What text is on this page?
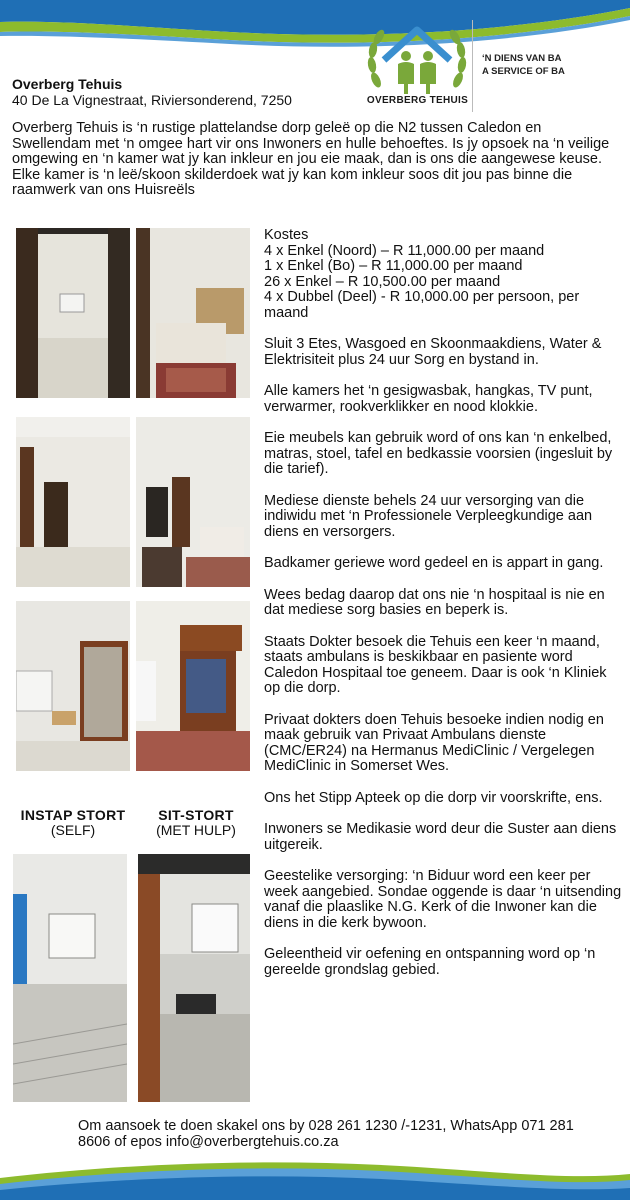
OVERBERG TEHUIS
‘N DIENS VAN BA
A SERVICE OF BA
Overberg Tehuis
40 De La Vignestraat, Riviersonderend, 7250
Overberg Tehuis is ‘n rustige plattelandse dorp geleë op die N2 tussen Caledon en Swellendam met ‘n omgee hart vir ons Inwoners en hulle behoeftes. Is jy opsoek na ‘n veilige omgewing en ‘n kamer wat jy kan inkleur en jou eie maak, dan is ons die aangewese keuse. Elke kamer is ‘n leë/skoon skilderdoek wat jy kan kom inkleur soos dit jou pas binne die raamwerk van ons Huisreëls
INSTAP STORT
(SELF)
SIT-STORT
(MET HULP)

Kostes
4 x Enkel (Noord) – R 11,000.00 per maand
1 x Enkel (Bo) – R 11,000.00 per maand
26 x Enkel – R 10,500.00 per maand
4 x Dubbel (Deel) - R 10,000.00 per persoon, per maand

Sluit 3 Etes, Wasgoed en Skoonmaakdiens, Water & Elektrisiteit plus 24 uur Sorg en bystand in.

Alle kamers het ‘n gesigwasbak, hangkas, TV punt, verwarmer, rookverklikker en nood klokkie.

Eie meubels kan gebruik word of ons kan ‘n enkelbed, matras, stoel, tafel en bedkassie voorsien (ingesluit by die tarief).

Mediese dienste behels 24 uur versorging van die indiwidu met ‘n Professionele Verpleegkundige aan diens en versorgers.

Badkamer geriewe word gedeel en is appart in gang.

Wees bedag daarop dat ons nie ‘n hospitaal is nie en dat mediese sorg basies en beperk is.

Staats Dokter besoek die Tehuis een keer ‘n maand, staats ambulans is beskikbaar en pasiente word Caledon Hospitaal toe geneem. Daar is ook ‘n Kliniek op die dorp.

Privaat dokters doen Tehuis besoeke indien nodig en maak gebruik van Privaat Ambulans dienste (CMC/ER24) na Hermanus MediClinic / Vergelegen MediClinic in Somerset Wes.

Ons het Stipp Apteek op die dorp vir voorskrifte, ens.

Inwoners se Medikasie word deur die Suster aan diens uitgereik.

Geestelike versorging: ‘n Biduur word een keer per week aangebied. Sondae oggende is daar ‘n uitsending vanaf die plaaslike N.G. Kerk of die Inwoner kan die diens in die kerk bywoon.

Geleentheid vir oefening en ontspanning word op ‘n gereelde grondslag gebied.

Om aansoek te doen skakel ons by 028 261 1230 /-1231, WhatsApp 071 281 8606 of epos info@overbergtehuis.co.za
